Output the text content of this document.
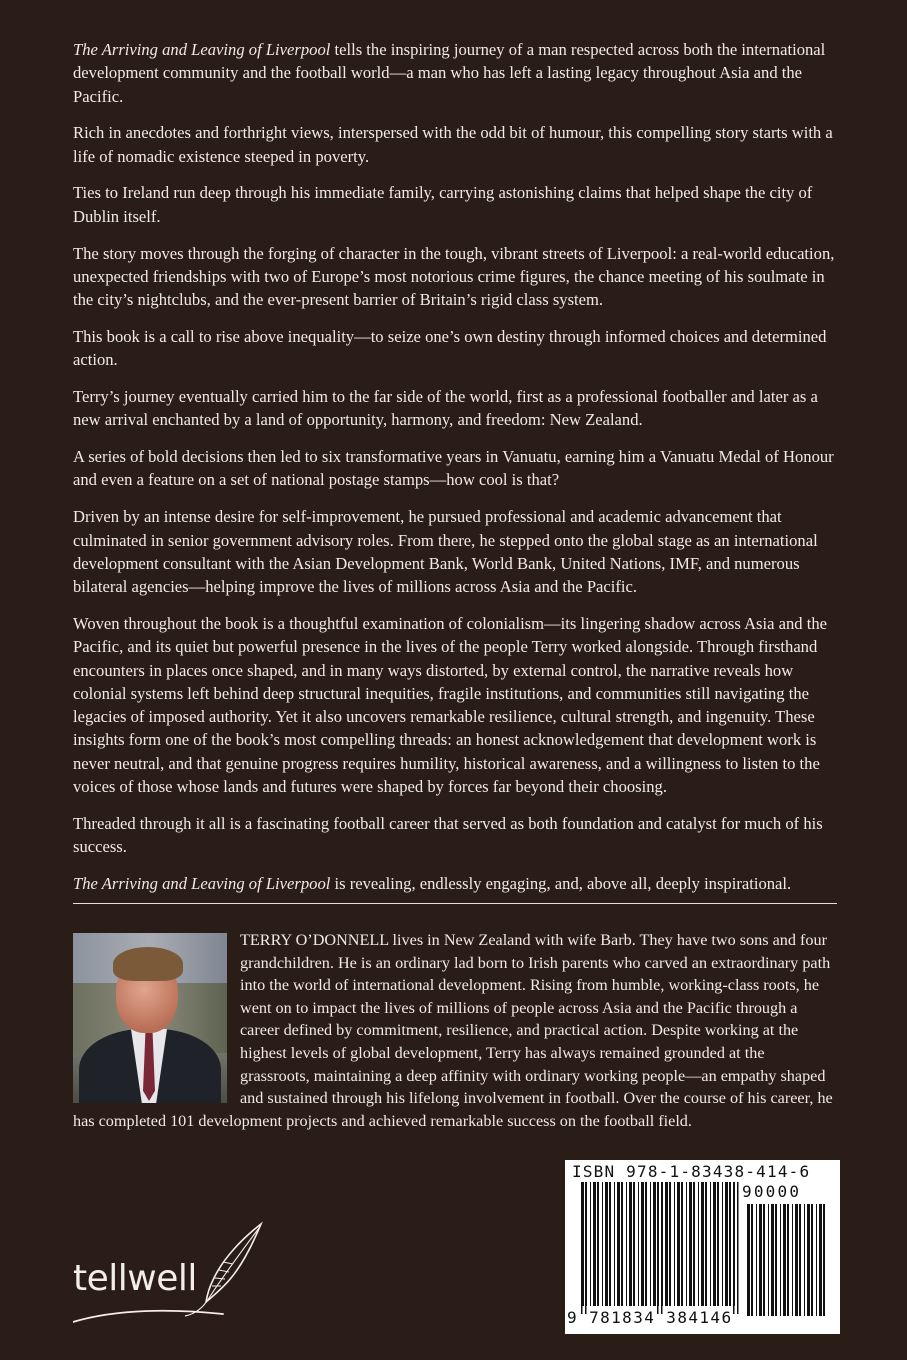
The Arriving and Leaving of Liverpool tells the inspiring journey of a man respected across both the international development community and the football world—a man who has left a lasting legacy throughout Asia and the Pacific.

Rich in anecdotes and forthright views, interspersed with the odd bit of humour, this compelling story starts with a life of nomadic existence steeped in poverty.

Ties to Ireland run deep through his immediate family, carrying astonishing claims that helped shape the city of Dublin itself.

The story moves through the forging of character in the tough, vibrant streets of Liverpool: a real-world education, unexpected friendships with two of Europe’s most notorious crime figures, the chance meeting of his soulmate in the city’s nightclubs, and the ever-present barrier of Britain’s rigid class system.

This book is a call to rise above inequality—to seize one’s own destiny through informed choices and determined action.

Terry’s journey eventually carried him to the far side of the world, first as a professional footballer and later as a new arrival enchanted by a land of opportunity, harmony, and freedom: New Zealand.

A series of bold decisions then led to six transformative years in Vanuatu, earning him a Vanuatu Medal of Honour and even a feature on a set of national postage stamps—how cool is that?

Driven by an intense desire for self-improvement, he pursued professional and academic advancement that culminated in senior government advisory roles. From there, he stepped onto the global stage as an international development consultant with the Asian Development Bank, World Bank, United Nations, IMF, and numerous bilateral agencies—helping improve the lives of millions across Asia and the Pacific.

Woven throughout the book is a thoughtful examination of colonialism—its lingering shadow across Asia and the Pacific, and its quiet but powerful presence in the lives of the people Terry worked alongside. Through firsthand encounters in places once shaped, and in many ways distorted, by external control, the narrative reveals how colonial systems left behind deep structural inequities, fragile institutions, and communities still navigating the legacies of imposed authority. Yet it also uncovers remarkable resilience, cultural strength, and ingenuity. These insights form one of the book’s most compelling threads: an honest acknowledgement that development work is never neutral, and that genuine progress requires humility, historical awareness, and a willingness to listen to the voices of those whose lands and futures were shaped by forces far beyond their choosing.

Threaded through it all is a fascinating football career that served as both foundation and catalyst for much of his success.

The Arriving and Leaving of Liverpool is revealing, endlessly engaging, and, above all, deeply inspirational.

TERRY O’DONNELL lives in New Zealand with wife Barb. They have two sons and four grandchildren. He is an ordinary lad born to Irish parents who carved an extraordinary path into the world of international development. Rising from humble, working-class roots, he went on to impact the lives of millions of people across Asia and the Pacific through a career defined by commitment, resilience, and practical action. Despite working at the highest levels of global development, Terry has always remained grounded at the grassroots, maintaining a deep affinity with ordinary working people—an empathy shaped and sustained through his lifelong involvement in football. Over the course of his career, he has completed 101 development projects and achieved remarkable success on the football field.

tellwell
ISBN 978-1-83438-414-6
90000
9 781834 384146
